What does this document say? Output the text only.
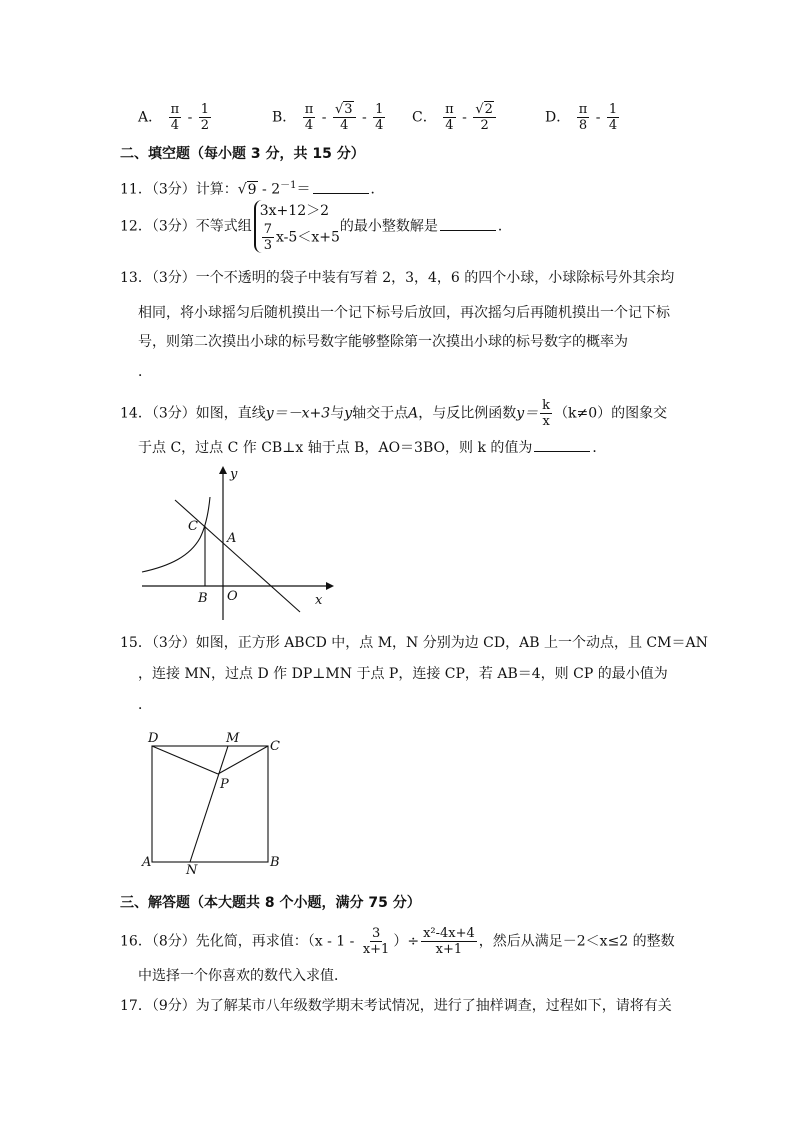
A． $\frac{\pi}{4} - \frac{1}{2}$	B． $\frac{\pi}{4} - \frac{√3}{4} - \frac{1}{4}$ C． $\frac{\pi}{4} - \frac{√2}{2}$	D． $\frac{\pi}{8} - \frac{1}{4}$
二、填空题（每小题 3 分，共 15 分）
11．（3分）计算：$√9 - 2^{-1}=$	．
12．（3分）不等式组
3x+12＞2
$\frac{7}{3} x-5<x+5$
的最小整数解是	．
13．（3分）一个不透明的袋子中装有写着 2，3，4，6 的四个小球，小球除标号外其余均
相同，将小球摇匀后随机摸出一个记下标号后放回，再次摇匀后再随机摸出一个记下标
号，则第二次摸出小球的标号数字能够整除第一次摸出小球的标号数字的概率为
．
14．（3分）如图，直线y＝－x+3与y轴交于点A，与反比例函数$y= \frac{k}{x} (k\ne 0)$的图象交
于点 C，过点 C 作 CB⊥x 轴于点 B，AO＝3BO，则 k 的值为	．
y
x
C
A
B O
15．（3分）如图，正方形 ABCD 中，点 M，N 分别为边 CD，AB 上一个动点，且 CM＝AN
，连接 MN，过点 D 作 DP⊥MN 于点 P，连接 CP，若 AB＝4，则 CP 的最小值为
．
D	M
C
P
A
N
B
三、解答题（本大题共 8 个小题，满分 75 分）
16．（8分）先化简，再求值：（$x - 1 - \frac{3}{x+1}$ ）÷ $\frac{\text{x²-4x+4}}{x+1}$ ，然后从满足－2＜x≤2 的整数
中选择一个你喜欢的数代入求值．
17．（9分）为了解某市八年级数学期末考试情况，进行了抽样调查，过程如下，请将有关
